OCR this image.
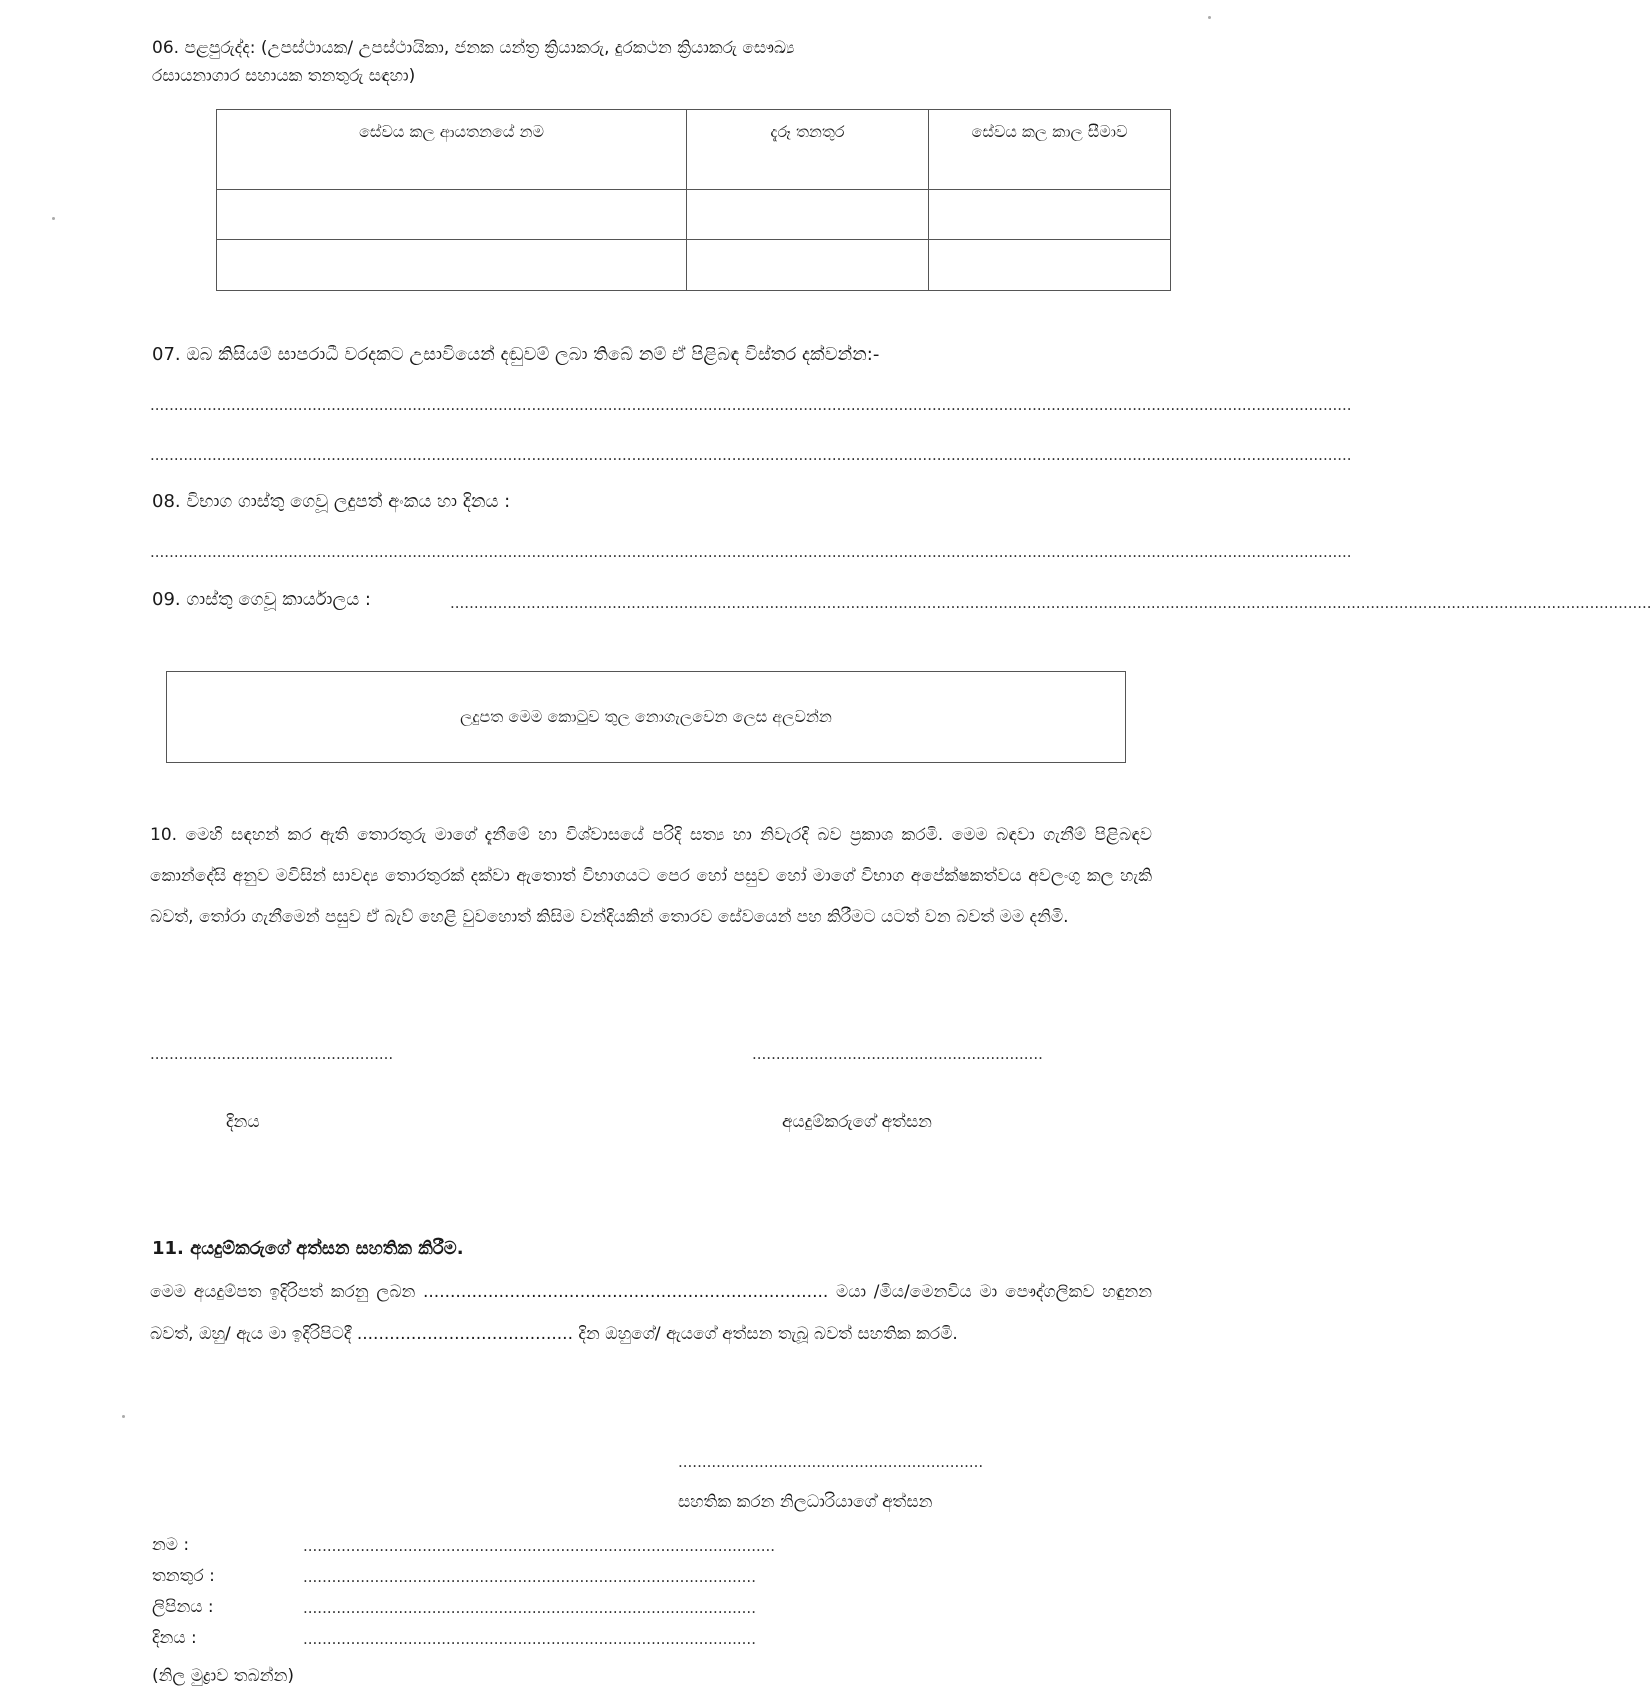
06. පළපුරුද්ද: (උපස්ථායක/ උපස්ථායිකා, ජනක යන්ත්‍ර ක්‍රියාකරු, දුරකථන ක්‍රියාකරු සෞඛ්‍ය
රසායනාගාර සහායක තනතුරු සඳහා)
සේවය කල ආයතනයේ නම	දැරූ තනතුර	සේවය කල කාල සීමාව

07. ඔබ කිසියම් සාපරාධී වරදකට උසාවියෙන් දඬුවම් ලබා තිබේ නම් ඒ පිළිබඳ විස්තර දක්වන්න:-
............................................................................................................................................................................................................................................................
............................................................................................................................................................................................................................................................
08. විභාග ගාස්තු ගෙවූ ලදුපත් අංකය හා දිනය :
............................................................................................................................................................................................................................................................
09. ගාස්තු ගෙවූ කාර්යාලය :	............................................................................................................................................................................................................................................................
ලදුපත මෙම කොටුව තුල නොගැලවෙන ලෙස අලවන්න
10. මෙහි සඳහන් කර ඇති තොරතුරු මාගේ දැනීමේ හා විශ්වාසයේ පරිදි සත්‍ය හා නිවැරදි බව ප්‍රකාශ කරමි. මෙම බඳවා ගැනීම් පිළිබඳව කොන්දේසි අනුව මවිසින් සාවද්‍ය තොරතුරක් දක්වා ඇතොත් විභාගයට පෙර හෝ පසුව හෝ මාගේ විභාග අපේක්ෂකත්වය අවලංගු කල හැකි බවත්, තෝරා ගැනීමෙන් පසුව ඒ බැව් හෙළි වුවහොත් කිසිම වන්දියකින් තොරව සේවයෙන් පහ කිරීමට යටත් වන බවත් මම දනිමි.
...................................................	.............................................................
දිනය	අයදුම්කරුගේ අත්සන
11. අයදුම්කරුගේ අත්සන සහතික කිරීම.
මෙම අයදුම්පත ඉදිරිපත් කරනු ලබන ........................................................................... මයා /මිය/මෙනවිය මා පෞද්ගලිකව හඳුනන බවත්, ඔහු/ ඇය මා ඉදිරිපිටදී ........................................ දින ඔහුගේ/ ඇයගේ අත්සන තැබූ බවත් සහතික කරමි.
................................................................
සහතික කරන නිලධාරියාගේ අත්සන
නම :	...................................................................................................
තනතුර :	...............................................................................................
ලිපිනය :	...............................................................................................
දිනය :	...............................................................................................
(නිල මුද්‍රාව තබන්න)
